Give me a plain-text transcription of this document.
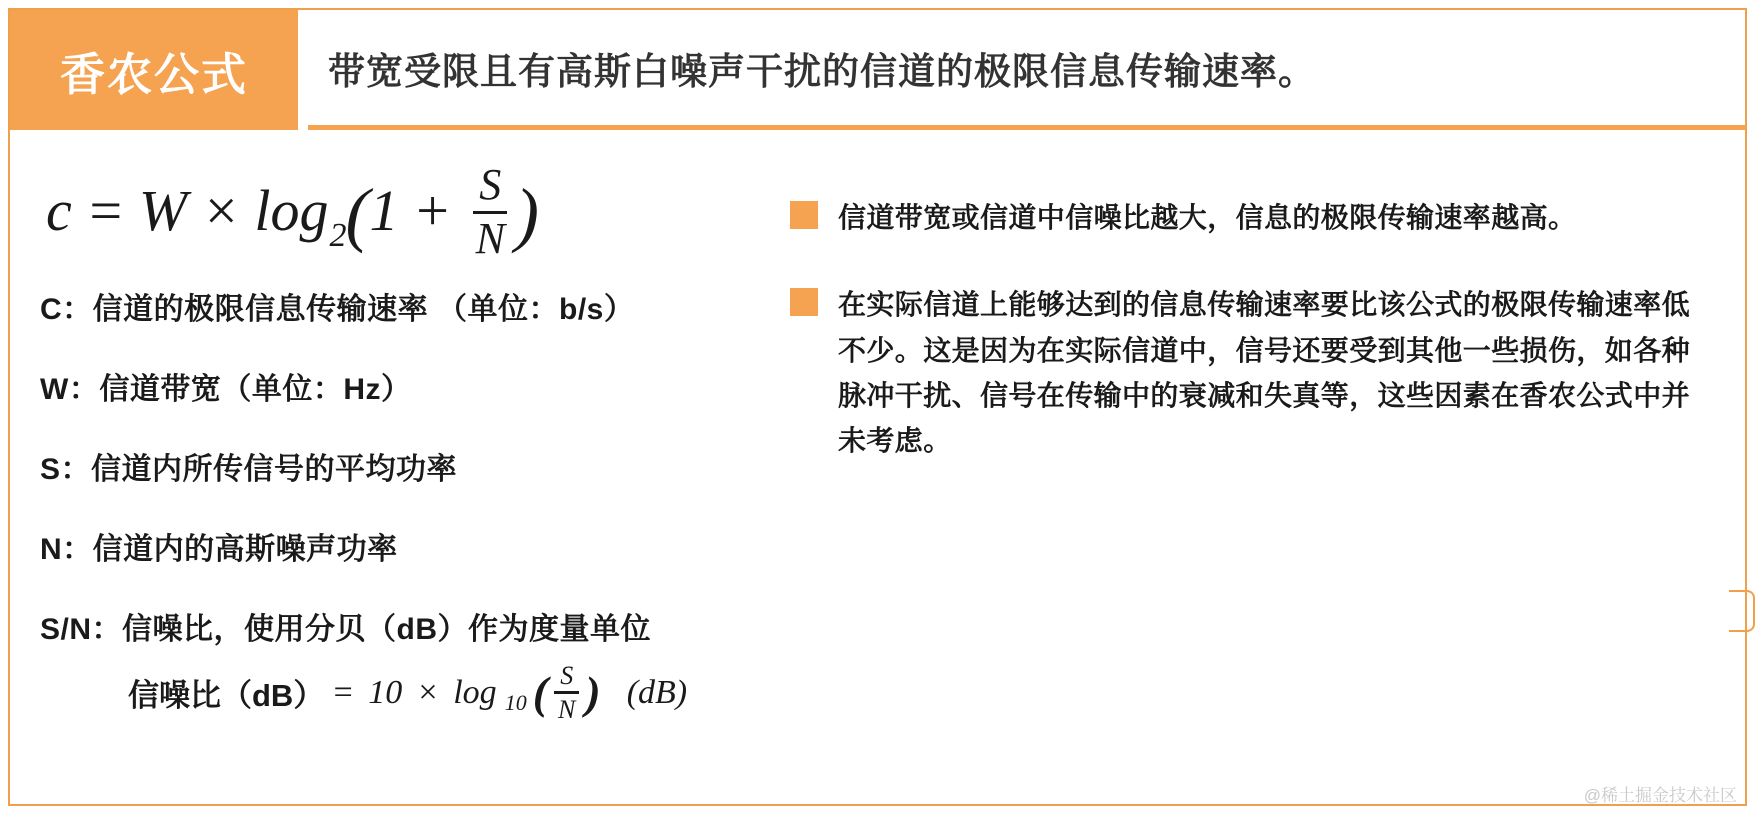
香农公式 带宽受限且有高斯白噪声干扰的信道的极限信息传输速率。
c = W × log 2 ( $1 + \frac{S}{N}$ )
C：信道的极限信息传输速率 （单位：b/s）
W：信道带宽（单位：Hz）
S：信道内所传信号的平均功率
N：信道内的高斯噪声功率
S/N：信噪比，使用分贝（dB）作为度量单位
信噪比（dB） = 10 × log 10 ( $\frac{S}{N}$ ) (dB)
信道带宽或信道中信噪比越大，信息的极限传输速率越高。
在实际信道上能够达到的信息传输速率要比该公式的极限传输速率低不少。这是因为在实际信道中，信号还要受到其他一些损伤，如各种脉冲干扰、信号在传输中的衰减和失真等，这些因素在香农公式中并未考虑。
@稀土掘金技术社区
